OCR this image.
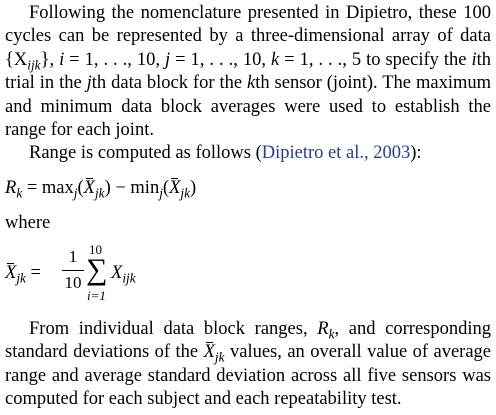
Following the nomenclature presented in Dipietro, these 100
cycles can be represented by a three-dimensional array of data
$\{X_{ijk}\}$, i = 1, . . ., 10, j = 1, . . ., 10, k = 1, . . ., 5 to specify the ith
trial in the jth data block for the kth sensor (joint). The maximum
and minimum data block averages were used to establish the
range for each joint.
Range is computed as follows (Dipietro et al., 2003):
$R_k = \max_j(X_{jk}) - \min_j(X_{jk})$
where
$X_{jk}$ =
1
10
10
∑
i=1
$X_{ijk}$
From individual data block ranges, $R_k$, and corresponding
standard deviations of the $X_{jk}$ values, an overall value of average
range and average standard deviation across all five sensors was
computed for each subject and each repeatability test.
